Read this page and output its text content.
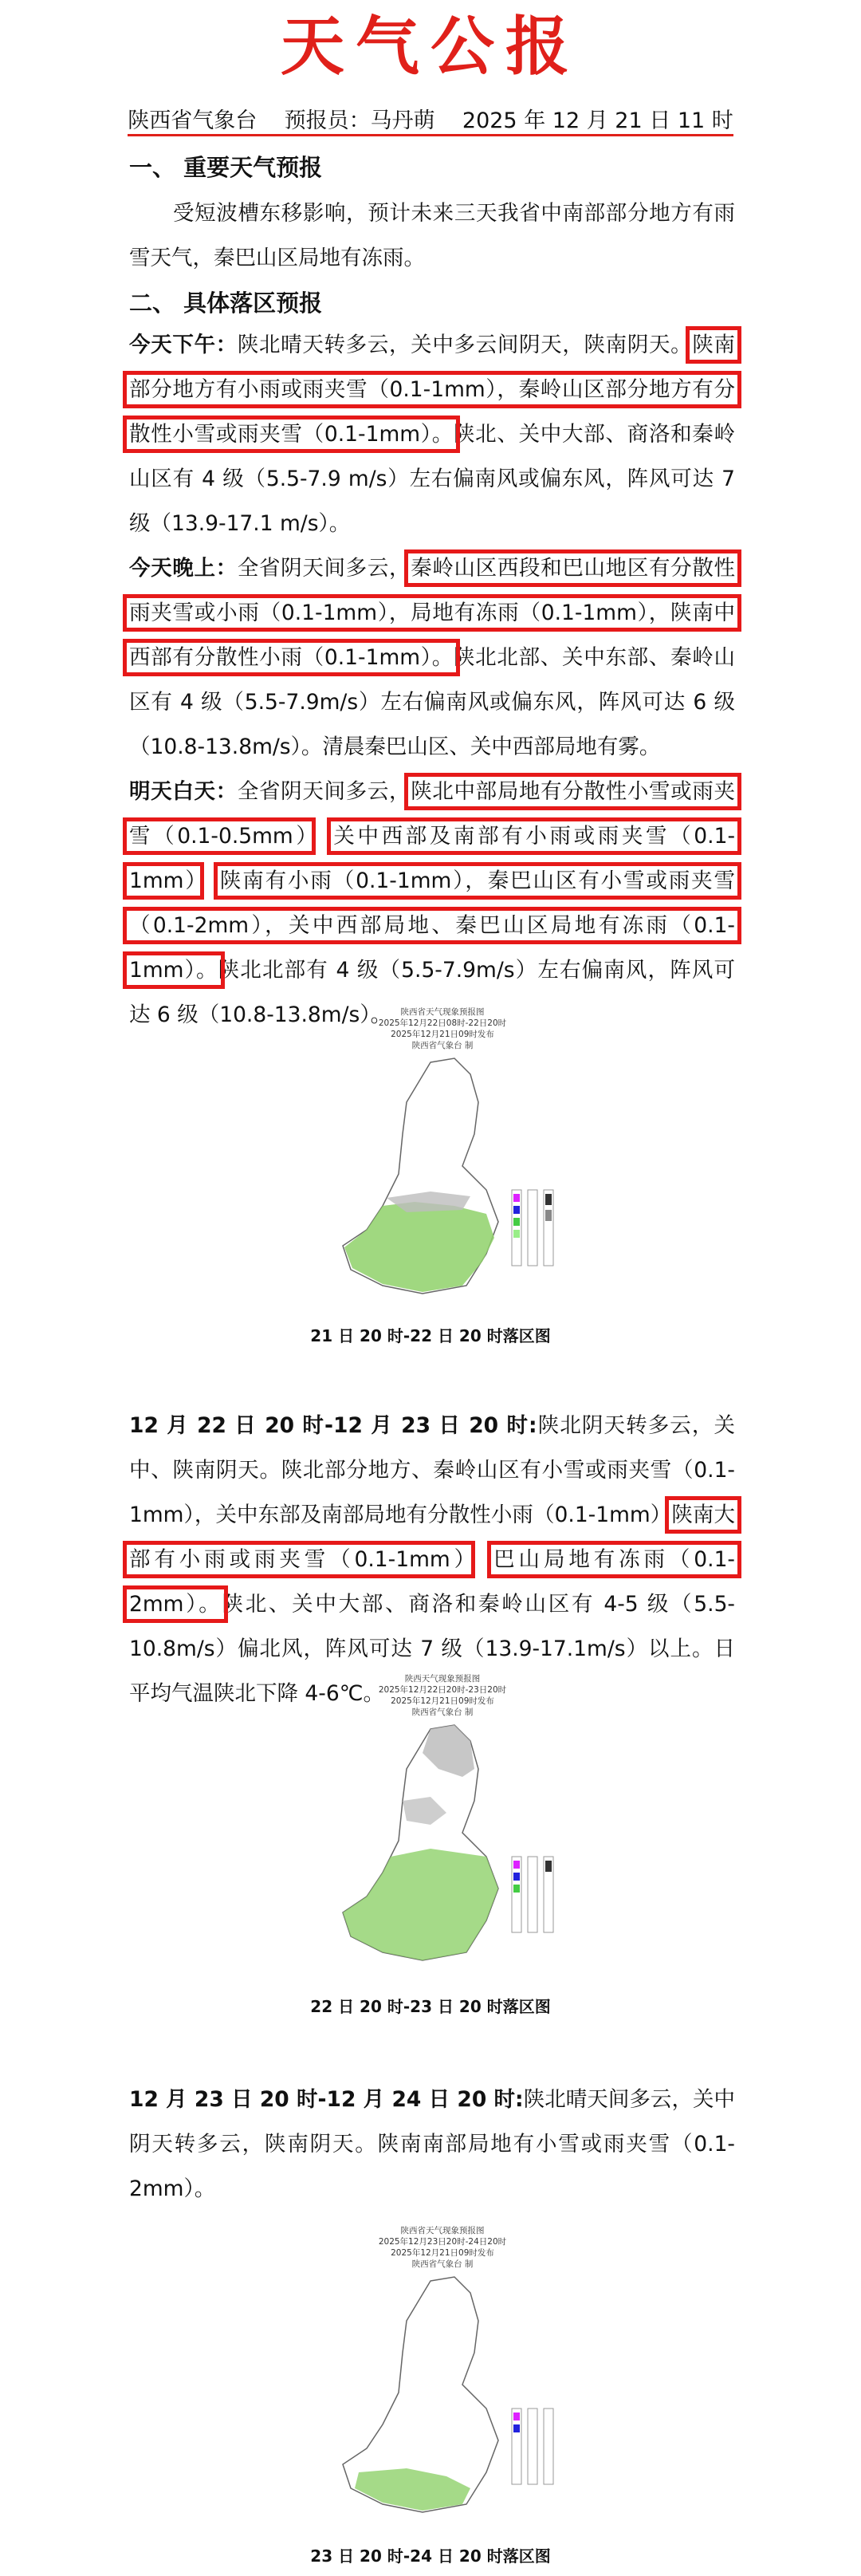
天气公报
陕西省气象台    预报员：马丹萌    2025 年 12 月 21 日 11 时
一、 重要天气预报
受短波槽东移影响，预计未来三天我省中南部部分地方有雨雪天气，秦巴山区局地有冻雨。
二、 具体落区预报
今天下午：陕北晴天转多云，关中多云间阴天，陕南阴天。陕南部分地方有小雨或雨夹雪（0.1-1mm），秦岭山区部分地方有分散性小雪或雨夹雪（0.1-1mm）。陕北、关中大部、商洛和秦岭山区有 4 级（5.5-7.9 m/s）左右偏南风或偏东风，阵风可达 7 级（13.9-17.1 m/s）。
今天晚上：全省阴天间多云，秦岭山区西段和巴山地区有分散性雨夹雪或小雨（0.1-1mm），局地有冻雨（0.1-1mm），陕南中西部有分散性小雨（0.1-1mm）。陕北北部、关中东部、秦岭山区有 4 级（5.5-7.9m/s）左右偏南风或偏东风，阵风可达 6 级（10.8-13.8m/s）。清晨秦巴山区、关中西部局地有雾。
明天白天：全省阴天间多云，陕北中部局地有分散性小雪或雨夹雪（0.1-0.5mm）　 关中西部及南部有小雨或雨夹雪（0.1-1mm）　 陕南有小雨（0.1-1mm），秦巴山区有小雪或雨夹雪（0.1-2mm），关中西部局地、秦巴山区局地有冻雨（0.1-1mm）。陕北北部有 4 级（5.5-7.9m/s）左右偏南风，阵风可达 6 级（10.8-13.8m/s）。	陕西省天气现象预报图
2025年12月22日08时-22日20时
2025年12月21日09时发布
陕西省气象台 制
21 日 20 时-22 日 20 时落区图
12 月 22 日 20 时-12 月 23 日 20 时:陕北阴天转多云，关中、陕南阴天。陕北部分地方、秦岭山区有小雪或雨夹雪（0.1-1mm），关中东部及南部局地有分散性小雨（0.1-1mm）陕南大部有小雨或雨夹雪（0.1-1mm）　 巴山局地有冻雨（0.1-2mm）。陕北、关中大部、商洛和秦岭山区有 4-5 级（5.5-10.8m/s）偏北风，阵风可达 7 级（13.9-17.1m/s）以上。日平均气温陕北下降 4-6℃。
陕西天气现象预报图
2025年12月22日20时-23日20时
2025年12月21日09时发布
陕西省气象台 制
22 日 20 时-23 日 20 时落区图
12 月 23 日 20 时-12 月 24 日 20 时:陕北晴天间多云，关中阴天转多云，陕南阴天。陕南南部局地有小雪或雨夹雪（0.1-2mm）。
陕西省天气现象预报图
2025年12月23日20时-24日20时
2025年12月21日09时发布
陕西省气象台 制
23 日 20 时-24 日 20 时落区图
